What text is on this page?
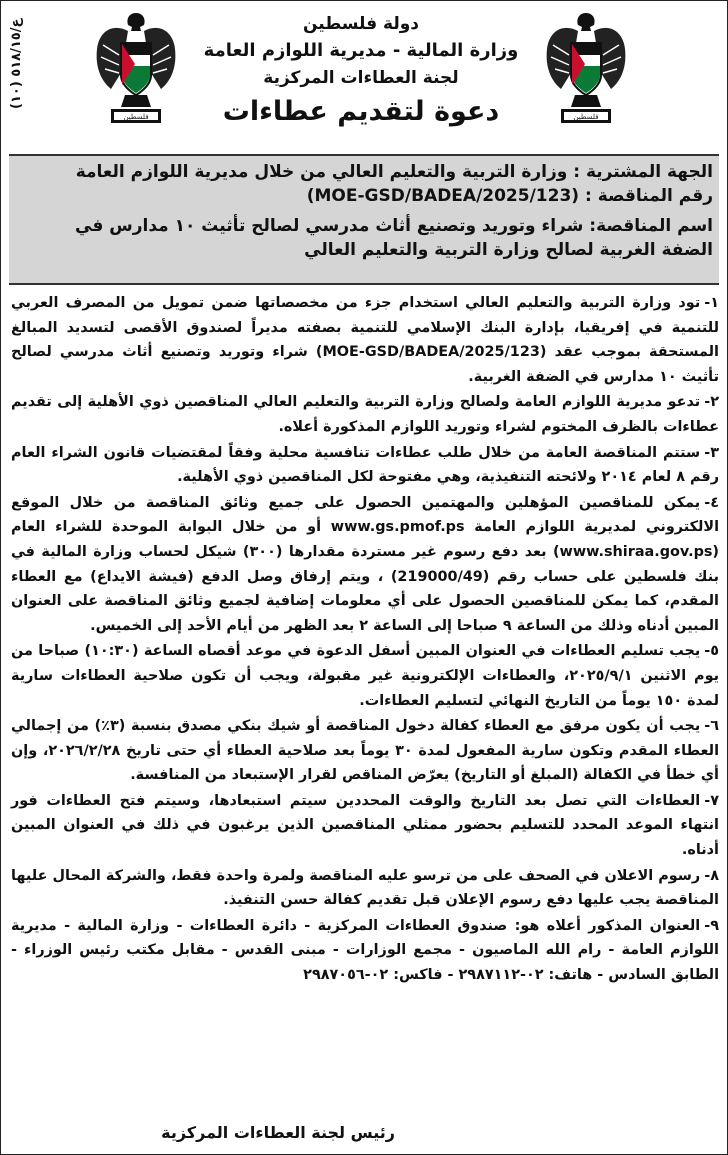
ع/٥١٨/١٥ (١٠)
فلسطين	فلسطين
دولة فلسطين
وزارة المالية - مديرية اللوازم العامة
لجنة العطاءات المركزية
دعوة لتقديم عطاءات
الجهة المشترية : وزارة التربية والتعليم العالي من خلال مديرية اللوازم العامة
رقم المناقصة : (MOE-GSD/BADEA/2025/123)
اسم المناقصة: شراء وتوريد وتصنيع أثاث مدرسي لصالح تأثيث ١٠ مدارس في
الضفة الغربية لصالح وزارة التربية والتعليم العالي

١-تود وزارة التربية والتعليم العالي استخدام جزء من مخصصاتها ضمن تمويل من المصرف العربي للتنمية في إفريقيا، بإدارة البنك الإسلامي للتنمية بصفته مديراً لصندوق الأقصى لتسديد المبالغ المستحقة بموجب عقد (MOE-GSD/BADEA/2025/123) شراء وتوريد وتصنيع أثاث مدرسي لصالح تأثيث ١٠ مدارس في الضفة الغربية.

٢-تدعو مديرية اللوازم العامة ولصالح وزارة التربية والتعليم العالي المناقصين ذوي الأهلية إلى تقديم عطاءات بالظرف المختوم لشراء وتوريد اللوازم المذكورة أعلاه.

٣-ستتم المناقصة العامة من خلال طلب عطاءات تنافسية محلية وفقاً لمقتضيات قانون الشراء العام رقم ٨ لعام ٢٠١٤ ولائحته التنفيذية، وهي مفتوحة لكل المناقصين ذوي الأهلية.

٤-يمكن للمناقصين المؤهلين والمهتمين الحصول على جميع وثائق المناقصة من خلال الموقع الالكتروني لمديرية اللوازم العامة www.gs.pmof.ps أو من خلال البوابة الموحدة للشراء العام (www.shiraa.gov.ps) بعد دفع رسوم غير مستردة مقدارها (٣٠٠) شيكل لحساب وزارة المالية في بنك فلسطين على حساب رقم (219000/49) ، ويتم إرفاق وصل الدفع (فيشة الايداع) مع العطاء المقدم، كما يمكن للمناقصين الحصول على أي معلومات إضافية لجميع وثائق المناقصة على العنوان المبين أدناه وذلك من الساعة ٩ صباحا إلى الساعة ٢ بعد الظهر من أيام الأحد إلى الخميس.

٥-يجب تسليم العطاءات في العنوان المبين أسفل الدعوة في موعد أقصاه الساعة (١٠:٣٠) صباحا من يوم الاثنين ٢٠٢٥/٩/١، والعطاءات الإلكترونية غير مقبولة، ويجب أن تكون صلاحية العطاءات سارية لمدة ١٥٠ يوماً من التاريخ النهائي لتسليم العطاءات.

٦-يجب أن يكون مرفق مع العطاء كفالة دخول المناقصة أو شيك بنكي مصدق بنسبة (٣٪) من إجمالي العطاء المقدم وتكون سارية المفعول لمدة ٣٠ يوماً بعد صلاحية العطاء أي حتى تاريخ ٢٠٢٦/٢/٢٨، وإن أي خطأ في الكفالة (المبلغ أو التاريخ) يعرّض المناقص لقرار الإستبعاد من المنافسة.

٧-العطاءات التي تصل بعد التاريخ والوقت المحددين سيتم استبعادها، وسيتم فتح العطاءات فور انتهاء الموعد المحدد للتسليم بحضور ممثلي المناقصين الذين يرغبون في ذلك في العنوان المبين أدناه.

٨-رسوم الاعلان في الصحف على من ترسو عليه المناقصة ولمرة واحدة فقط، والشركة المحال عليها المناقصة يجب عليها دفع رسوم الإعلان قبل تقديم كفالة حسن التنفيذ.

٩-العنوان المذكور أعلاه هو: صندوق العطاءات المركزية - دائرة العطاءات - وزارة المالية - مديرية اللوازم العامة - رام الله الماصيون - مجمع الوزارات - مبنى القدس - مقابل مكتب رئيس الوزراء - الطابق السادس - هاتف: ٠٢-٢٩٨٧١١٢ - فاكس: ٠٢-٢٩٨٧٠٥٦

رئيس لجنة العطاءات المركزية
